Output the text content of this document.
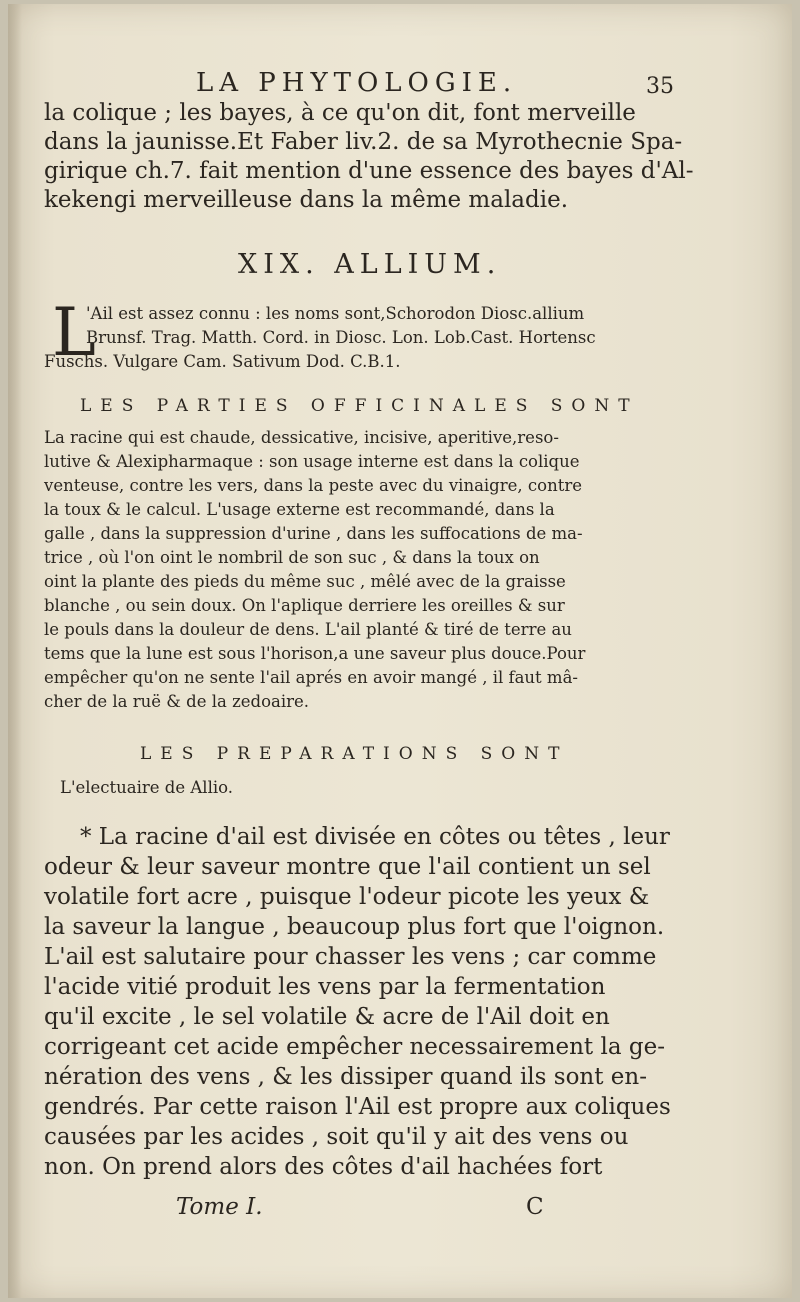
LA PHYTOLOGIE.	35
la colique ; les bayes, à ce qu'on dit, font merveille
dans la jaunisse.Et Faber liv.2. de sa Myrothecnie Spa-
girique ch.7. fait mention d'une essence des bayes d'Al-
kekengi merveilleuse dans la même maladie.
XIX. ALLIUM.
L
'Ail est assez connu : les noms sont,Schorodon Diosc.allium
Brunsf. Trag. Matth. Cord. in Diosc. Lon. Lob.Cast. Hortensc
Fuschs. Vulgare Cam. Sativum Dod. C.B.1.
LES PARTIES OFFICINALES SONT
La racine qui est chaude, dessicative, incisive, aperitive,reso-
lutive & Alexipharmaque : son usage interne est dans la colique
venteuse, contre les vers, dans la peste avec du vinaigre, contre
la toux & le calcul. L'usage externe est recommandé, dans la
galle , dans la suppression d'urine , dans les suffocations de ma-
trice , où l'on oint le nombril de son suc , & dans la toux on
oint la plante des pieds du même suc , mêlé avec de la graisse
blanche , ou sein doux. On l'aplique derriere les oreilles & sur
le pouls dans la douleur de dens. L'ail planté & tiré de terre au
tems que la lune est sous l'horison,a une saveur plus douce.Pour
empêcher qu'on ne sente l'ail aprés en avoir mangé , il faut mâ-
cher de la ruë & de la zedoaire.
LES PREPARATIONS SONT
L'electuaire de Allio.
* La racine d'ail est divisée en côtes ou têtes , leur
odeur & leur saveur montre que l'ail contient un sel
volatile fort acre , puisque l'odeur picote les yeux &
la saveur la langue , beaucoup plus fort que l'oignon.
L'ail est salutaire pour chasser les vens ; car comme
l'acide vitié produit les vens par la fermentation
qu'il excite , le sel volatile & acre de l'Ail doit en
corrigeant cet acide empêcher necessairement la ge-
nération des vens , & les dissiper quand ils sont en-
gendrés. Par cette raison l'Ail est propre aux coliques
causées par les acides , soit qu'il y ait des vens ou
non. On prend alors des côtes d'ail hachées fort
Tome I.	C
